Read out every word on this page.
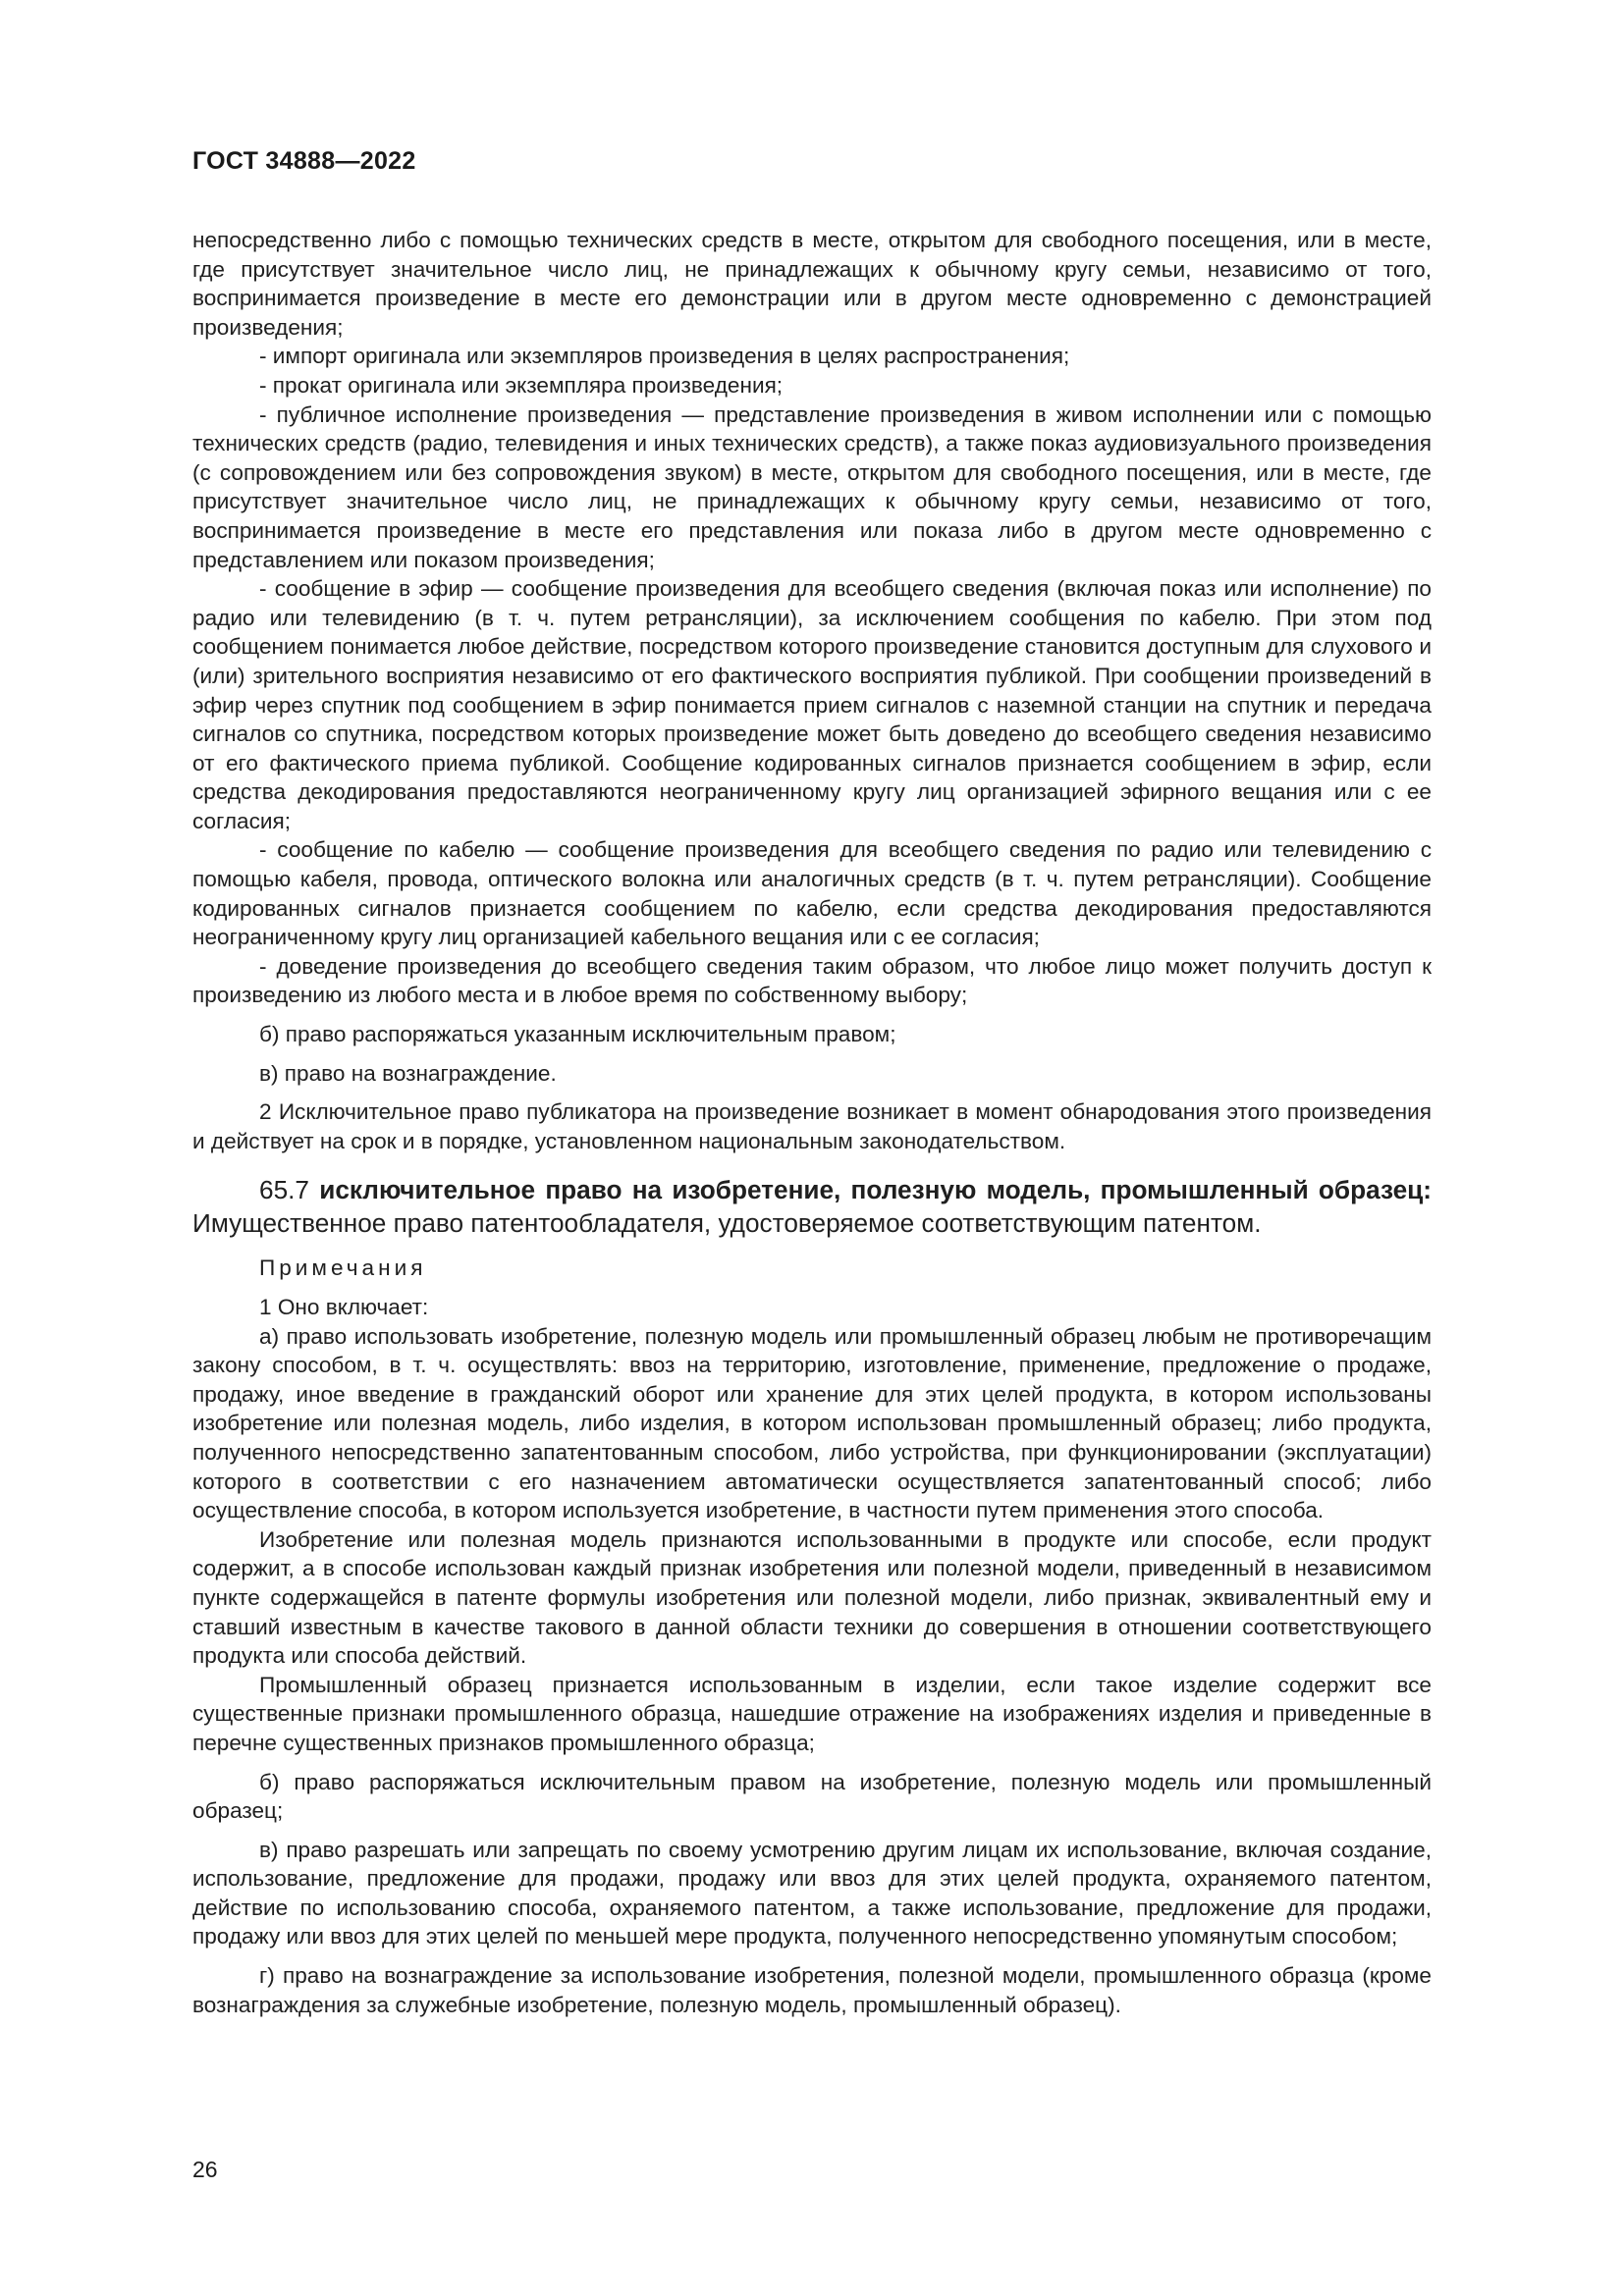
ГОСТ 34888—2022

непосредственно либо с помощью технических средств в месте, открытом для свободного посещения, или в месте, где присутствует значительное число лиц, не принадлежащих к обычному кругу семьи, независимо от того, воспринимается произведение в месте его демонстрации или в другом месте одновременно с демонстрацией произведения;

- импорт оригинала или экземпляров произведения в целях распространения;

- прокат оригинала или экземпляра произведения;

- публичное исполнение произведения — представление произведения в живом исполнении или с помощью технических средств (радио, телевидения и иных технических средств), а также показ аудиовизуального произведения (с сопровождением или без сопровождения звуком) в месте, открытом для свободного посещения, или в месте, где присутствует значительное число лиц, не принадлежащих к обычному кругу семьи, независимо от того, воспринимается произведение в месте его представления или показа либо в другом месте одновременно с представлением или показом произведения;

- сообщение в эфир — сообщение произведения для всеобщего сведения (включая показ или исполнение) по радио или телевидению (в т. ч. путем ретрансляции), за исключением сообщения по кабелю. При этом под сообщением понимается любое действие, посредством которого произведение становится доступным для слухового и (или) зрительного восприятия независимо от его фактического восприятия публикой. При сообщении произведений в эфир через спутник под сообщением в эфир понимается прием сигналов с наземной станции на спутник и передача сигналов со спутника, посредством которых произведение может быть доведено до всеобщего сведения независимо от его фактического приема публикой. Сообщение кодированных сигналов признается сообщением в эфир, если средства декодирования предоставляются неограниченному кругу лиц организацией эфирного вещания или с ее согласия;

- сообщение по кабелю — сообщение произведения для всеобщего сведения по радио или телевидению с помощью кабеля, провода, оптического волокна или аналогичных средств (в т. ч. путем ретрансляции). Сообщение кодированных сигналов признается сообщением по кабелю, если средства декодирования предоставляются неограниченному кругу лиц организацией кабельного вещания или с ее согласия;

- доведение произведения до всеобщего сведения таким образом, что любое лицо может получить доступ к произведению из любого места и в любое время по собственному выбору;

б) право распоряжаться указанным исключительным правом;

в) право на вознаграждение.

2 Исключительное право публикатора на произведение возникает в момент обнародования этого произведения и действует на срок и в порядке, установленном национальным законодательством.

65.7 исключительное право на изобретение, полезную модель, промышленный образец: Имущественное право патентообладателя, удостоверяемое соответствующим патентом.

Примечания

1 Оно включает:

а) право использовать изобретение, полезную модель или промышленный образец любым не противоречащим закону способом, в т. ч. осуществлять: ввоз на территорию, изготовление, применение, предложение о продаже, продажу, иное введение в гражданский оборот или хранение для этих целей продукта, в котором использованы изобретение или полезная модель, либо изделия, в котором использован промышленный образец; либо продукта, полученного непосредственно запатентованным способом, либо устройства, при функционировании (эксплуатации) которого в соответствии с его назначением автоматически осуществляется запатентованный способ; либо осуществление способа, в котором используется изобретение, в частности путем применения этого способа.

Изобретение или полезная модель признаются использованными в продукте или способе, если продукт содержит, а в способе использован каждый признак изобретения или полезной модели, приведенный в независимом пункте содержащейся в патенте формулы изобретения или полезной модели, либо признак, эквивалентный ему и ставший известным в качестве такового в данной области техники до совершения в отношении соответствующего продукта или способа действий.

Промышленный образец признается использованным в изделии, если такое изделие содержит все существенные признаки промышленного образца, нашедшие отражение на изображениях изделия и приведенные в перечне существенных признаков промышленного образца;

б) право распоряжаться исключительным правом на изобретение, полезную модель или промышленный образец;

в) право разрешать или запрещать по своему усмотрению другим лицам их использование, включая создание, использование, предложение для продажи, продажу или ввоз для этих целей продукта, охраняемого патентом, действие по использованию способа, охраняемого патентом, а также использование, предложение для продажи, продажу или ввоз для этих целей по меньшей мере продукта, полученного непосредственно упомянутым способом;

г) право на вознаграждение за использование изобретения, полезной модели, промышленного образца (кроме вознаграждения за служебные изобретение, полезную модель, промышленный образец).

26
